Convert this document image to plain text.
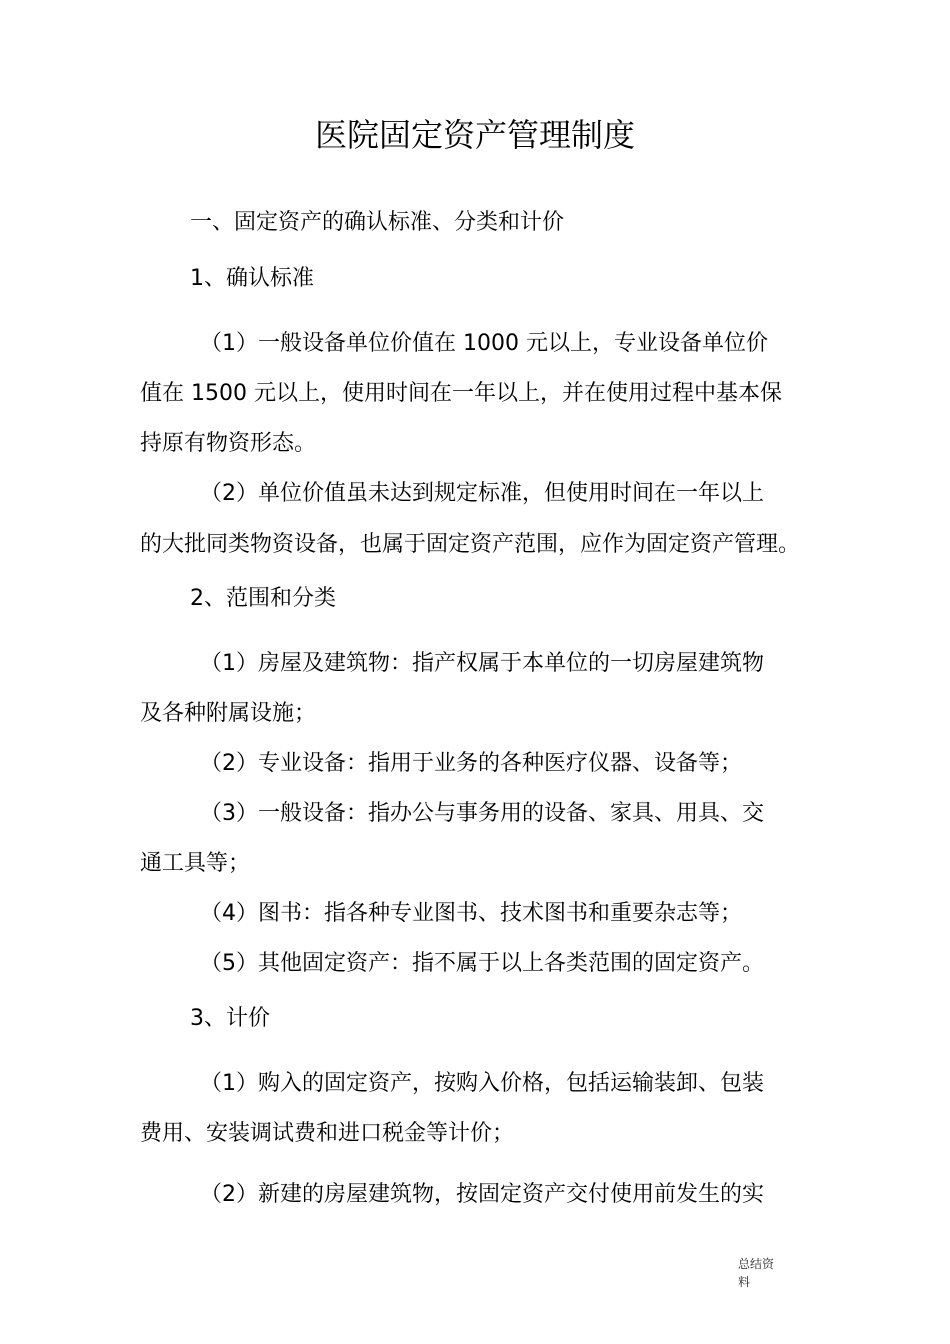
医院固定资产管理制度
一、固定资产的确认标准、分类和计价
1、确认标准
（1）一般设备单位价值在 1000 元以上，专业设备单位价
值在 1500 元以上，使用时间在一年以上，并在使用过程中基本保
持原有物资形态。
（2）单位价值虽未达到规定标准，但使用时间在一年以上
的大批同类物资设备，也属于固定资产范围，应作为固定资产管理。
2、范围和分类
（1）房屋及建筑物：指产权属于本单位的一切房屋建筑物
及各种附属设施；
（2）专业设备：指用于业务的各种医疗仪器、设备等；
（3）一般设备：指办公与事务用的设备、家具、用具、交
通工具等；
（4）图书：指各种专业图书、技术图书和重要杂志等；
（5）其他固定资产：指不属于以上各类范围的固定资产。
3、计价
（1）购入的固定资产，按购入价格，包括运输装卸、包装
费用、安装调试费和进口税金等计价；
（2）新建的房屋建筑物，按固定资产交付使用前发生的实
总结资
料
